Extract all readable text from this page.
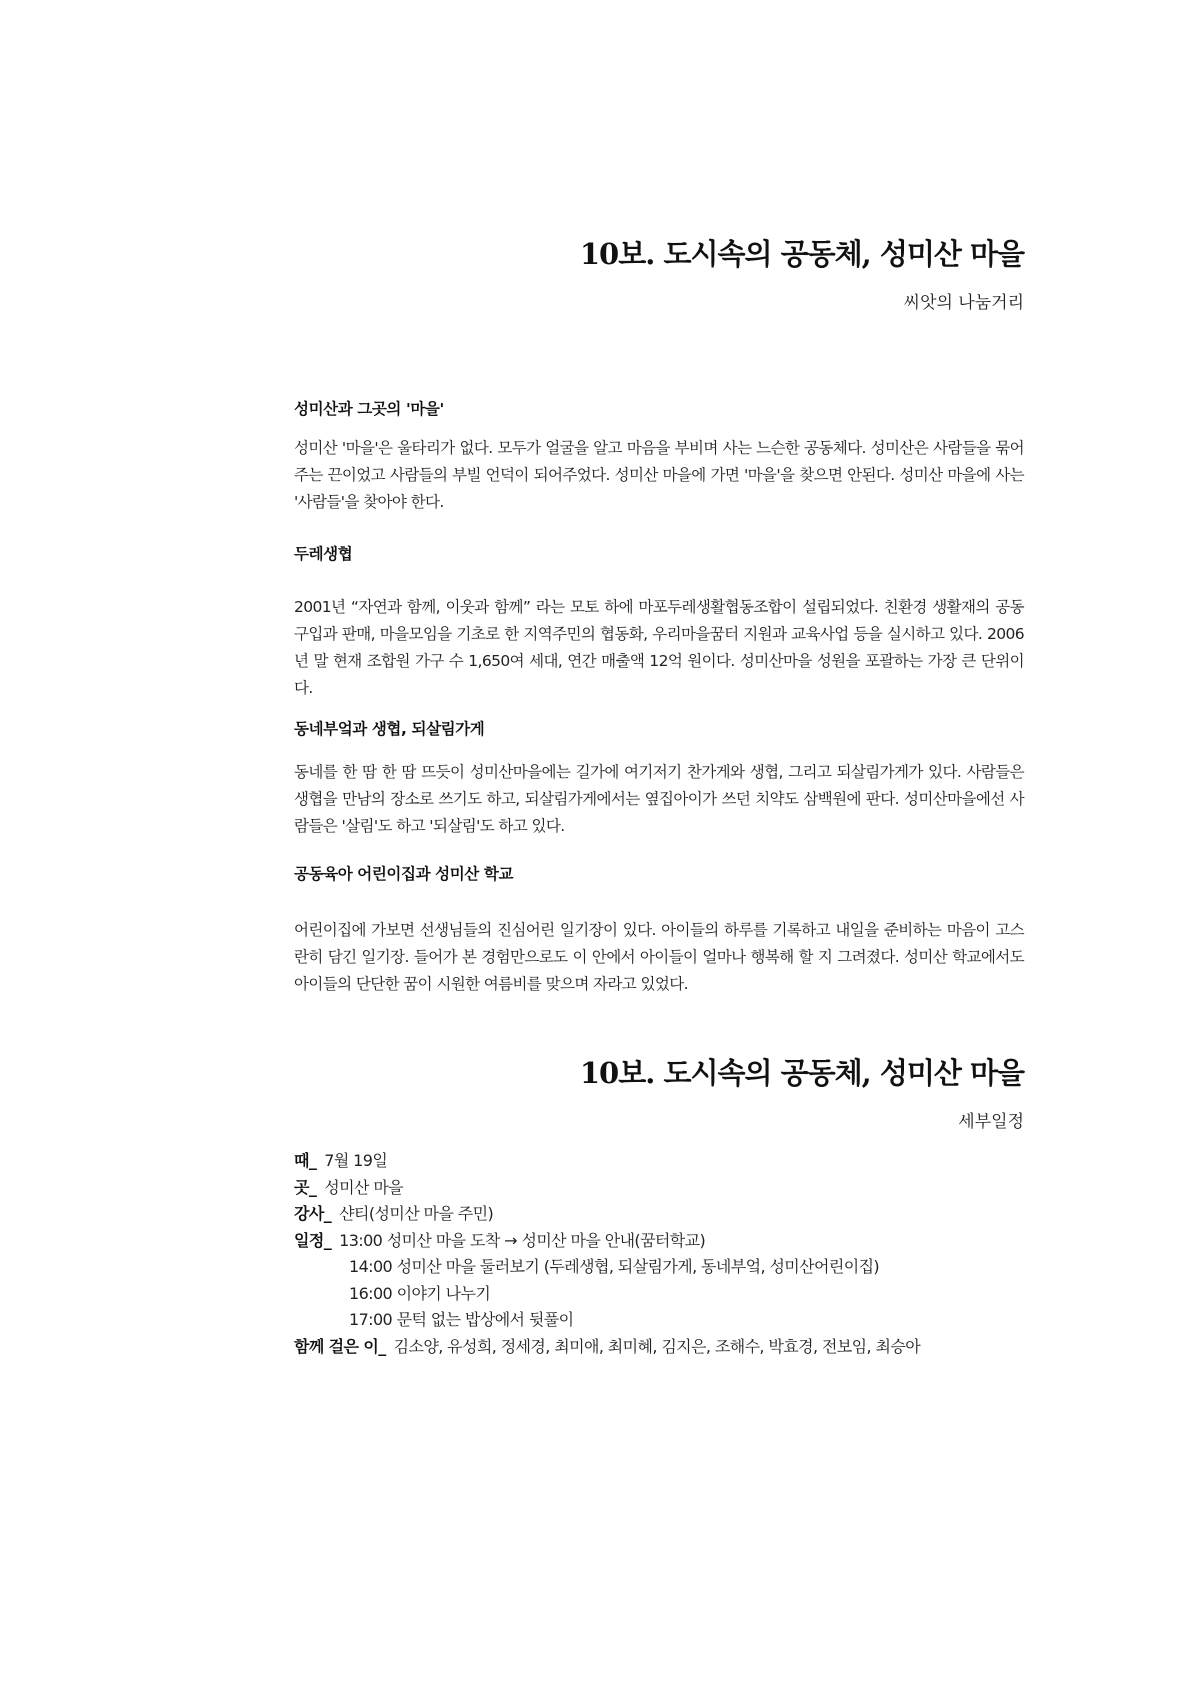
10보. 도시속의 공동체, 성미산 마을
씨앗의 나눔거리
성미산과 그곳의 '마을'

성미산 '마을'은 울타리가 없다. 모두가 얼굴을 알고 마음을 부비며 사는 느슨한 공동체다. 성미산은 사람들을 묶어주는 끈이었고 사람들의 부빌 언덕이 되어주었다. 성미산 마을에 가면 '마을'을 찾으면 안된다. 성미산 마을에 사는 '사람들'을 찾아야 한다.

두레생협

2001년 “자연과 함께, 이웃과 함께” 라는 모토 하에 마포두레생활협동조합이 설립되었다. 친환경 생활재의 공동구입과 판매, 마을모임을 기초로 한 지역주민의 협동화, 우리마을꿈터 지원과 교육사업 등을 실시하고 있다. 2006년 말 현재 조합원 가구 수 1,650여 세대, 연간 매출액 12억 원이다. 성미산마을 성원을 포괄하는 가장 큰 단위이다.

동네부엌과 생협, 되살림가게

동네를 한 땀 한 땀 뜨듯이 성미산마을에는 길가에 여기저기 찬가게와 생협, 그리고 되살림가게가 있다. 사람들은 생협을 만남의 장소로 쓰기도 하고, 되살림가게에서는 옆집아이가 쓰던 치약도 삼백원에 판다. 성미산마을에선 사람들은 '살림'도 하고 '되살림'도 하고 있다.

공동육아 어린이집과 성미산 학교

어린이집에 가보면 선생님들의 진심어린 일기장이 있다. 아이들의 하루를 기록하고 내일을 준비하는 마음이 고스란히 담긴 일기장. 들어가 본 경험만으로도 이 안에서 아이들이 얼마나 행복해 할 지 그려졌다. 성미산 학교에서도 아이들의 단단한 꿈이 시원한 여름비를 맞으며 자라고 있었다.

10보. 도시속의 공동체, 성미산 마을
세부일정
때_ 7월 19일
곳_ 성미산 마을
강사_ 샨티(성미산 마을 주민)
일정_ 13:00 성미산 마을 도착 → 성미산 마을 안내(꿈터학교)
14:00 성미산 마을 둘러보기 (두레생협, 되살림가게, 동네부엌, 성미산어린이집)
16:00 이야기 나누기
17:00 문턱 없는 밥상에서 뒷풀이
함께 걸은 이_ 김소양, 유성희, 정세경, 최미애, 최미혜, 김지은, 조해수, 박효경, 전보임, 최승아
